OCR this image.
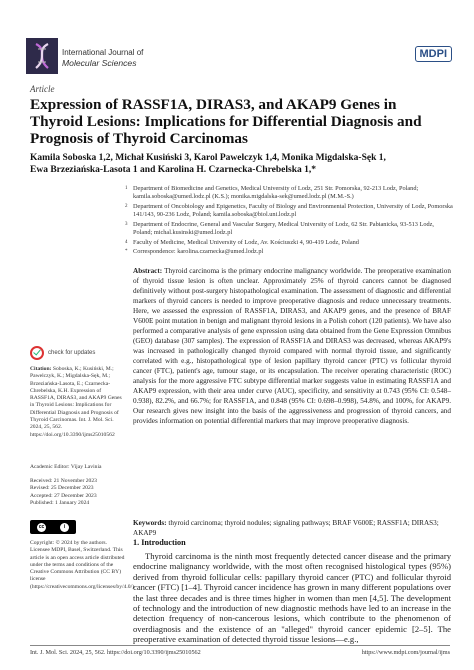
International Journal of
Molecular Sciences
MDPI
Article
Expression of RASSF1A, DIRAS3, and AKAP9 Genes in Thyroid Lesions: Implications for Differential Diagnosis and Prognosis of Thyroid Carcinomas
Kamila Soboska 1,2, Michał Kusiński 3, Karol Pawelczyk 1,4, Monika Migdalska-Sęk 1,
Ewa Brzeziańska-Lasota 1 and Karolina H. Czarnecka-Chrebelska 1,*
1 Department of Biomedicine and Genetics, Medical University of Lodz, 251 Str. Pomorska, 92-213 Lodz, Poland; kamila.soboska@umed.lodz.pl (K.S.); monika.migdalska-sek@umed.lodz.pl (M.M.-S.)
2 Department of Oncobiology and Epigenetics, Faculty of Biology and Environmental Protection, University of Lodz, Pomorska 141/143, 90-236 Lodz, Poland; kamila.soboska@biol.uni.lodz.pl
3 Department of Endocrine, General and Vascular Surgery, Medical University of Lodz, 62 Str. Pabianicka, 93-513 Lodz, Poland; michal.kusinski@umed.lodz.pl
4 Faculty of Medicine, Medical University of Lodz, Av. Kościuszki 4, 90-419 Lodz, Poland
* Correspondence: karolina.czarnecka@umed.lodz.pl
Abstract: Thyroid carcinoma is the primary endocrine malignancy worldwide. The preoperative examination of thyroid tissue lesion is often unclear. Approximately 25% of thyroid cancers cannot be diagnosed definitively without post-surgery histopathological examination. The assessment of diagnostic and differential markers of thyroid cancers is needed to improve preoperative diagnosis and reduce unnecessary treatments. Here, we assessed the expression of RASSF1A, DIRAS3, and AKAP9 genes, and the presence of BRAF V600E point mutation in benign and malignant thyroid lesions in a Polish cohort (120 patients). We have also performed a comparative analysis of gene expression using data obtained from the Gene Expression Omnibus (GEO) database (307 samples). The expression of RASSF1A and DIRAS3 was decreased, whereas AKAP9's was increased in pathologically changed thyroid compared with normal thyroid tissue, and significantly correlated with e.g., histopathological type of lesion papillary thyroid cancer (PTC) vs follicular thyroid cancer (FTC), patient's age, tumour stage, or its encapsulation. The receiver operating characteristic (ROC) analysis for the more aggressive FTC subtype differential marker suggests value in estimating RASSF1A and AKAP9 expression, with their area under curve (AUC), specificity, and sensitivity at 0.743 (95% CI: 0.548–0.938), 82.2%, and 66.7%; for RASSF1A, and 0.848 (95% CI: 0.698–0.998), 54.8%, and 100%, for AKAP9. Our research gives new insight into the basis of the aggressiveness and progression of thyroid cancers, and provides information on potential differential markers that may improve preoperative diagnosis.
Keywords: thyroid carcinoma; thyroid nodules; signaling pathways; BRAF V600E; RASSF1A; DIRAS3; AKAP9
1. Introduction
Thyroid carcinoma is the ninth most frequently detected cancer disease and the primary endocrine malignancy worldwide, with the most often recognised histological types (95%) derived from thyroid follicular cells: papillary thyroid cancer (PTC) and follicular thyroid cancer (FTC) [1–4]. Thyroid cancer incidence has grown in many different populations over the last three decades and is three times higher in women than men [4,5]. The development of technology and the introduction of new diagnostic methods have led to an increase in the detection frequency of non-cancerous lesions, which contribute to the phenomenon of overdiagnosis and the existence of an "alleged" thyroid cancer epidemic [2–5]. The preoperative examination of detected thyroid tissue lesions—e.g.,
check for updates
Citation: Soboska, K.; Kusiński, M.; Pawelczyk, K.; Migdalska-Sęk, M.; Brzeziańska-Lasota, E.; Czarnecka-Chrebelska, K.H. Expression of RASSF1A, DIRAS3, and AKAP9 Genes in Thyroid Lesions: Implications for Differential Diagnosis and Prognosis of Thyroid Carcinomas. Int. J. Mol. Sci. 2024, 25, 562. https://doi.org/10.3390/ijms25010562
Academic Editor: Vijay Lavinia
Received: 21 November 2023
Revised: 25 December 2023
Accepted: 27 December 2023
Published: 1 January 2024
cc	i
Copyright: © 2024 by the authors. Licensee MDPI, Basel, Switzerland. This article is an open access article distributed under the terms and conditions of the Creative Commons Attribution (CC BY) license (https://creativecommons.org/licenses/by/4.0/).
Int. J. Mol. Sci. 2024, 25, 562. https://doi.org/10.3390/ijms25010562	https://www.mdpi.com/journal/ijms
